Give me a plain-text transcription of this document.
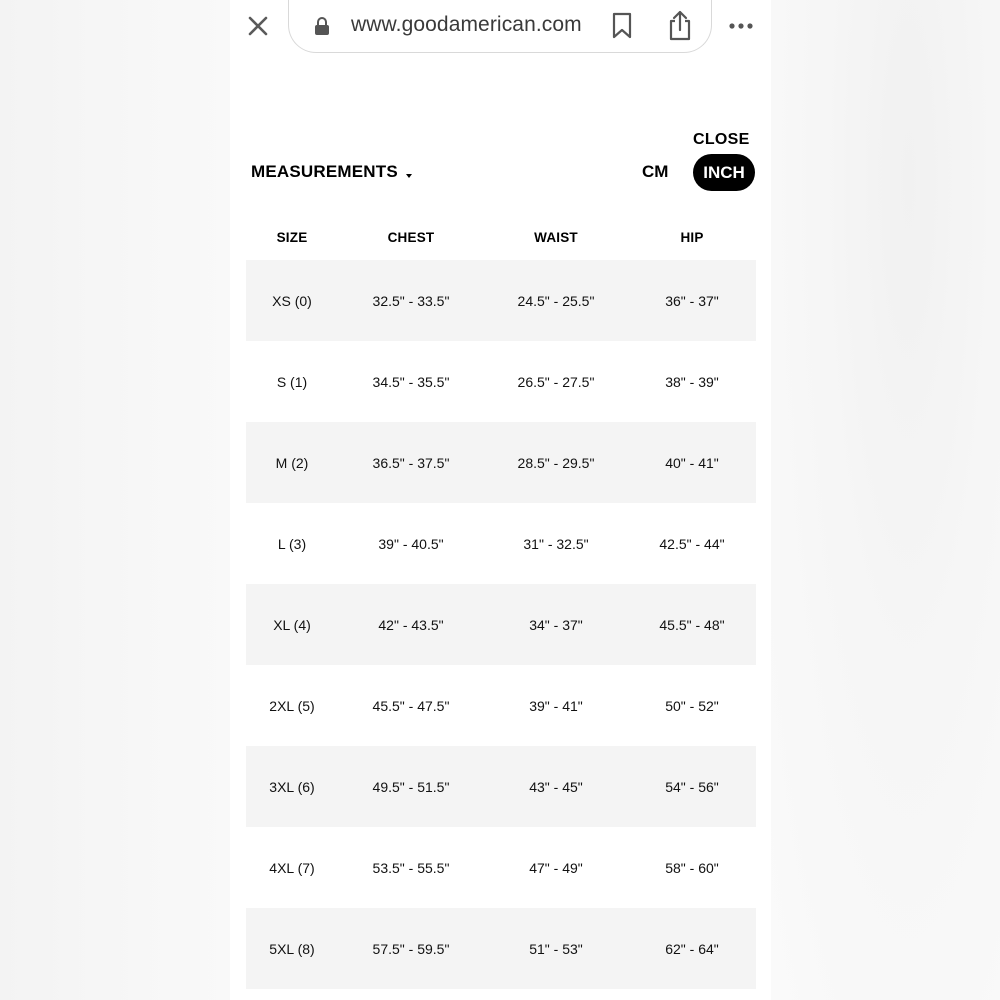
www.goodamerican.com
CLOSE
MEASUREMENTS	CM	INCH
SIZE	CHEST	WAIST	HIP
XS (0)	32.5" - 33.5"	24.5" - 25.5"	36" - 37"
S (1)	34.5" - 35.5"	26.5" - 27.5"	38" - 39"
M (2)	36.5" - 37.5"	28.5" - 29.5"	40" - 41"
L (3)	39" - 40.5"	31" - 32.5"	42.5" - 44"
XL (4)	42" - 43.5"	34" - 37"	45.5" - 48"
2XL (5)	45.5" - 47.5"	39" - 41"	50" - 52"
3XL (6)	49.5" - 51.5"	43" - 45"	54" - 56"
4XL (7)	53.5" - 55.5"	47" - 49"	58" - 60"
5XL (8)	57.5" - 59.5"	51" - 53"	62" - 64"
